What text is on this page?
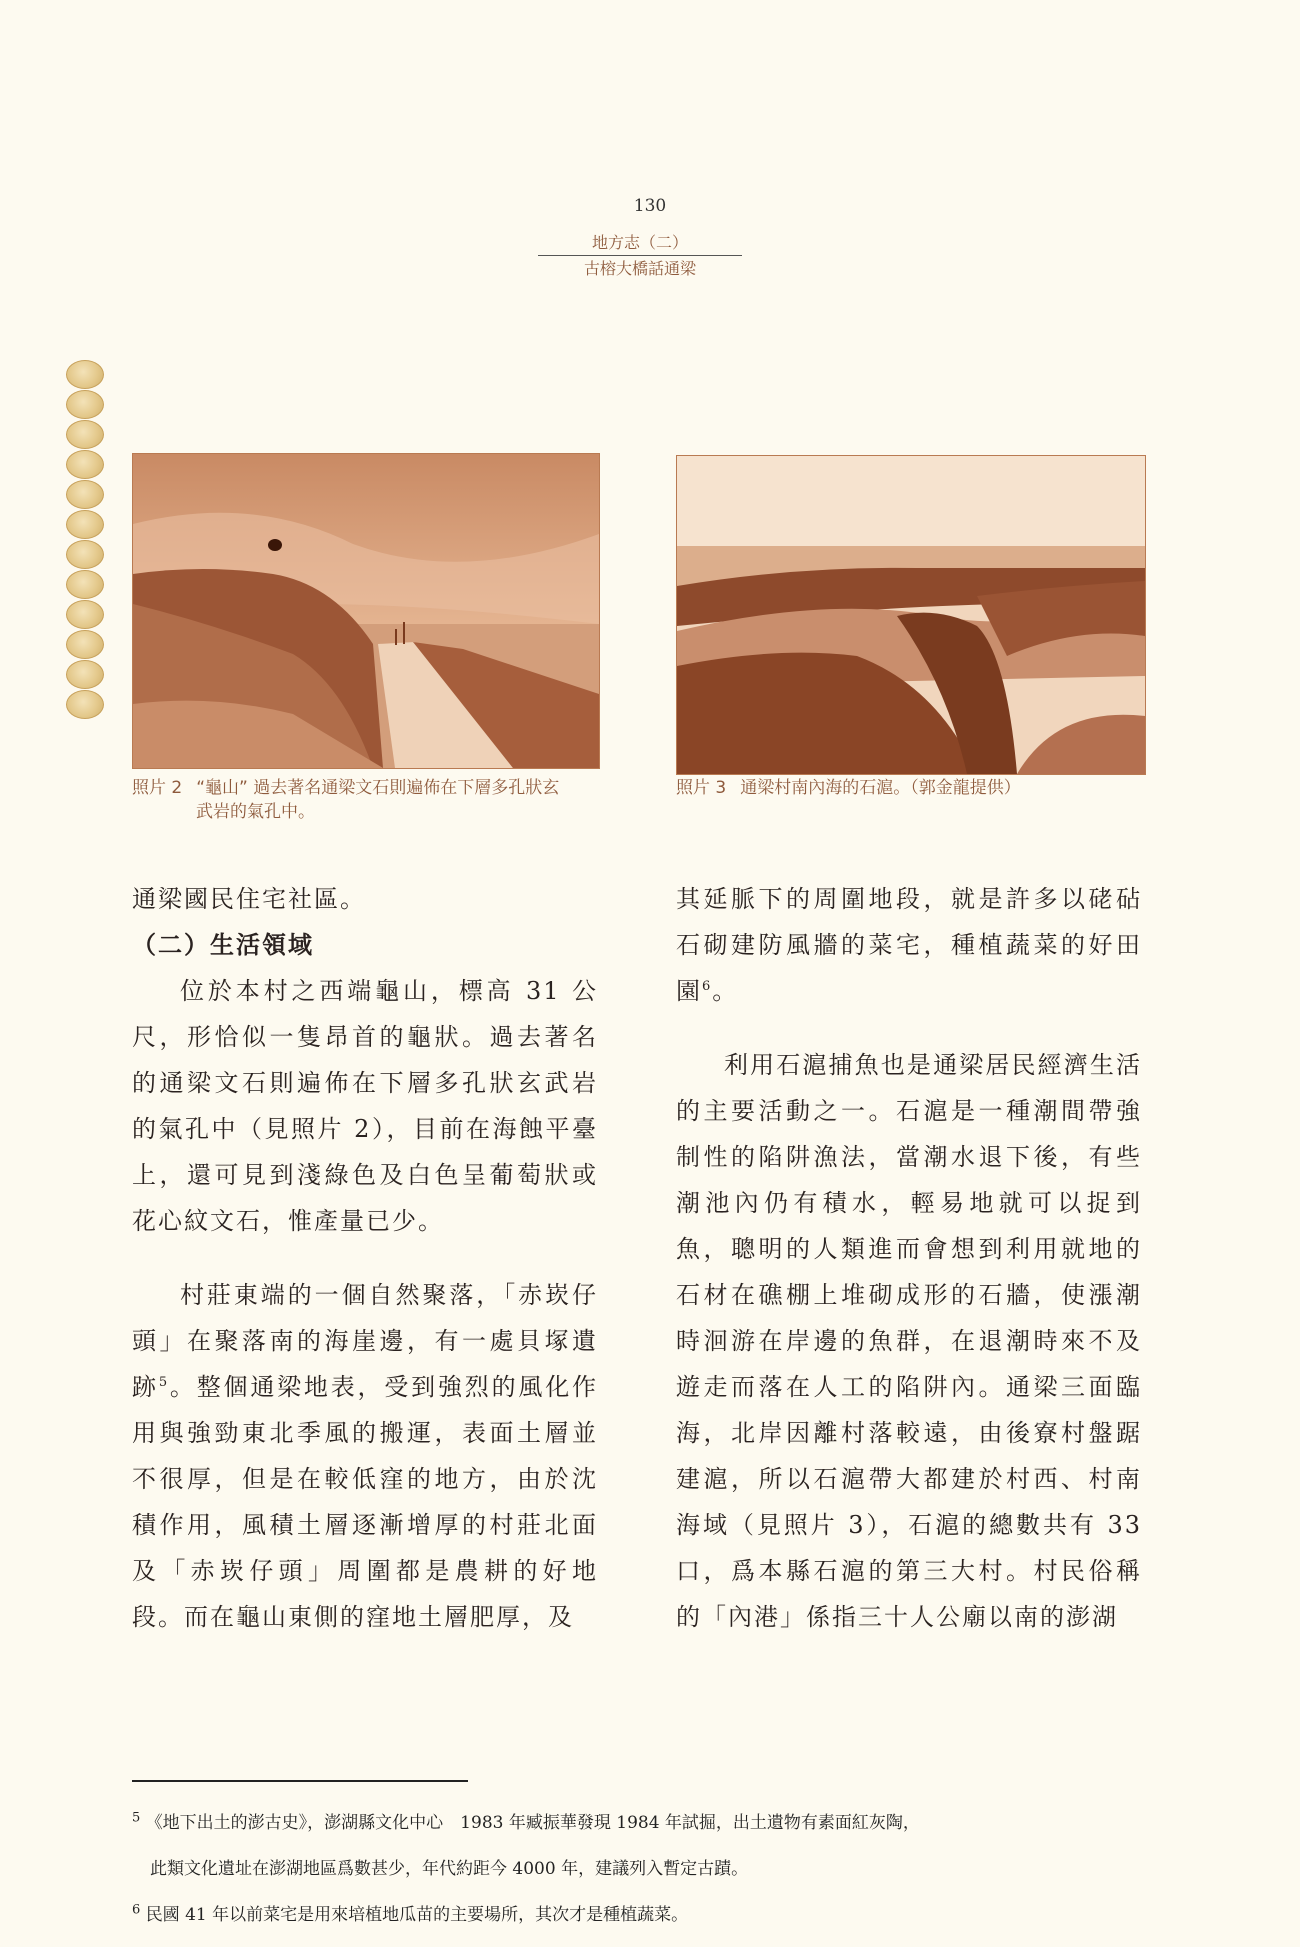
130
地方志（二）
古榕大橋話通梁
照片 2 “龜山” 過去著名通梁文石則遍佈在下層多孔狀玄
武岩的氣孔中。
照片 3 通梁村南內海的石滬。（郭金龍提供）

通梁國民住宅社區。

（二）生活領域

位於本村之西端龜山，標高 31 公尺，形恰似一隻昂首的龜狀。過去著名的通梁文石則遍佈在下層多孔狀玄武岩的氣孔中（見照片 2），目前在海蝕平臺上，還可見到淺綠色及白色呈葡萄狀或花心紋文石，惟產量已少。

村莊東端的一個自然聚落，「赤崁仔頭」在聚落南的海崖邊，有一處貝塚遺跡$^5$。整個通梁地表，受到強烈的風化作用與強勁東北季風的搬運，表面土層並不很厚，但是在較低窪的地方，由於沈積作用，風積土層逐漸增厚的村莊北面及「赤崁仔頭」周圍都是農耕的好地段。而在龜山東側的窪地土層肥厚，及

其延脈下的周圍地段，就是許多以硓砧石砌建防風牆的菜宅，種植蔬菜的好田園$^6$。

利用石滬捕魚也是通梁居民經濟生活的主要活動之一。石滬是一種潮間帶強制性的陷阱漁法，當潮水退下後，有些潮池內仍有積水，輕易地就可以捉到魚，聰明的人類進而會想到利用就地的石材在礁棚上堆砌成形的石牆，使漲潮時洄游在岸邊的魚群，在退潮時來不及遊走而落在人工的陷阱內。通梁三面臨海，北岸因離村落較遠，由後寮村盤踞建滬，所以石滬帶大都建於村西、村南海域（見照片 3），石滬的總數共有 33 口，爲本縣石滬的第三大村。村民俗稱的「內港」係指三十人公廟以南的澎湖

$^5$ 《地下出土的澎古史》，澎湖縣文化中心　1983 年臧振華發現 1984 年試掘，出土遺物有素面紅灰陶，

此類文化遺址在澎湖地區爲數甚少，年代約距今 4000 年，建議列入暫定古蹟。

$^6$ 民國 41 年以前菜宅是用來培植地瓜苗的主要場所，其次才是種植蔬菜。
